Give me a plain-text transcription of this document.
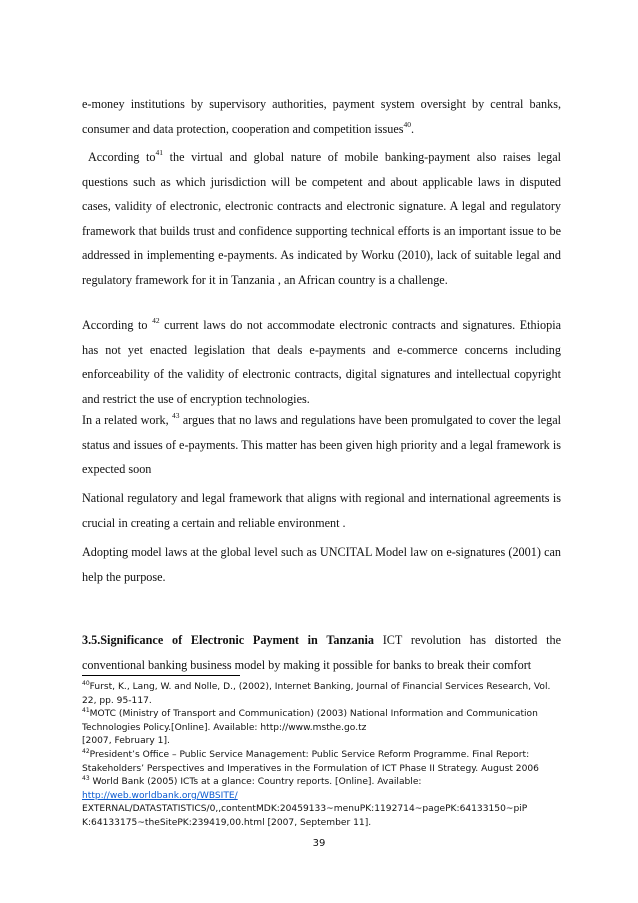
e-money institutions by supervisory authorities, payment system oversight by central banks, consumer and data protection, cooperation and competition issues$^{40}$.

According to$^{41}$ the virtual and global nature of mobile banking-payment also raises legal questions such as which jurisdiction will be competent and about applicable laws in disputed cases, validity of electronic, electronic contracts and electronic signature. A legal and regulatory framework that builds trust and confidence supporting technical efforts is an important issue to be addressed in implementing e-payments. As indicated by Worku (2010), lack of suitable legal and regulatory framework for it in Tanzania , an African country is a challenge.

According to $^{42}$ current laws do not accommodate electronic contracts and signatures. Ethiopia has not yet enacted legislation that deals e-payments and e-commerce concerns including enforceability of the validity of electronic contracts, digital signatures and intellectual copyright and restrict the use of encryption technologies.

In a related work, $^{43}$ argues that no laws and regulations have been promulgated to cover the legal status and issues of e-payments. This matter has been given high priority and a legal framework is expected soon

National regulatory and legal framework that aligns with regional and international agreements is crucial in creating a certain and reliable environment .

Adopting model laws at the global level such as UNCITAL Model law on e-signatures (2001) can help the purpose.

3.5.Significance of Electronic Payment in Tanzania ICT revolution has distorted the conventional banking business model by making it possible for banks to break their comfort

$^{40}$Furst, K., Lang, W. and Nolle, D., (2002), Internet Banking, Journal of Financial Services Research, Vol. 22, pp. 95-117.
$^{41}$MOTC (Ministry of Transport and Communication) (2003) National Information and Communication Technologies Policy.[Online]. Available: http://www.msthe.go.tz
[2007, February 1].
$^{42}$President’s Office – Public Service Management: Public Service Reform Programme. Final Report: Stakeholders’ Perspectives and Imperatives in the Formulation of ICT Phase II Strategy. August 2006
$^{43}$ World Bank (2005) ICTs at a glance: Country reports. [Online]. Available:
http://web.worldbank.org/WBSITE/
EXTERNAL/DATASTATISTICS/0,,contentMDK:20459133~menuPK:1192714~pagePK:64133150~piP
K:64133175~theSitePK:239419,00.html [2007, September 11].
39
